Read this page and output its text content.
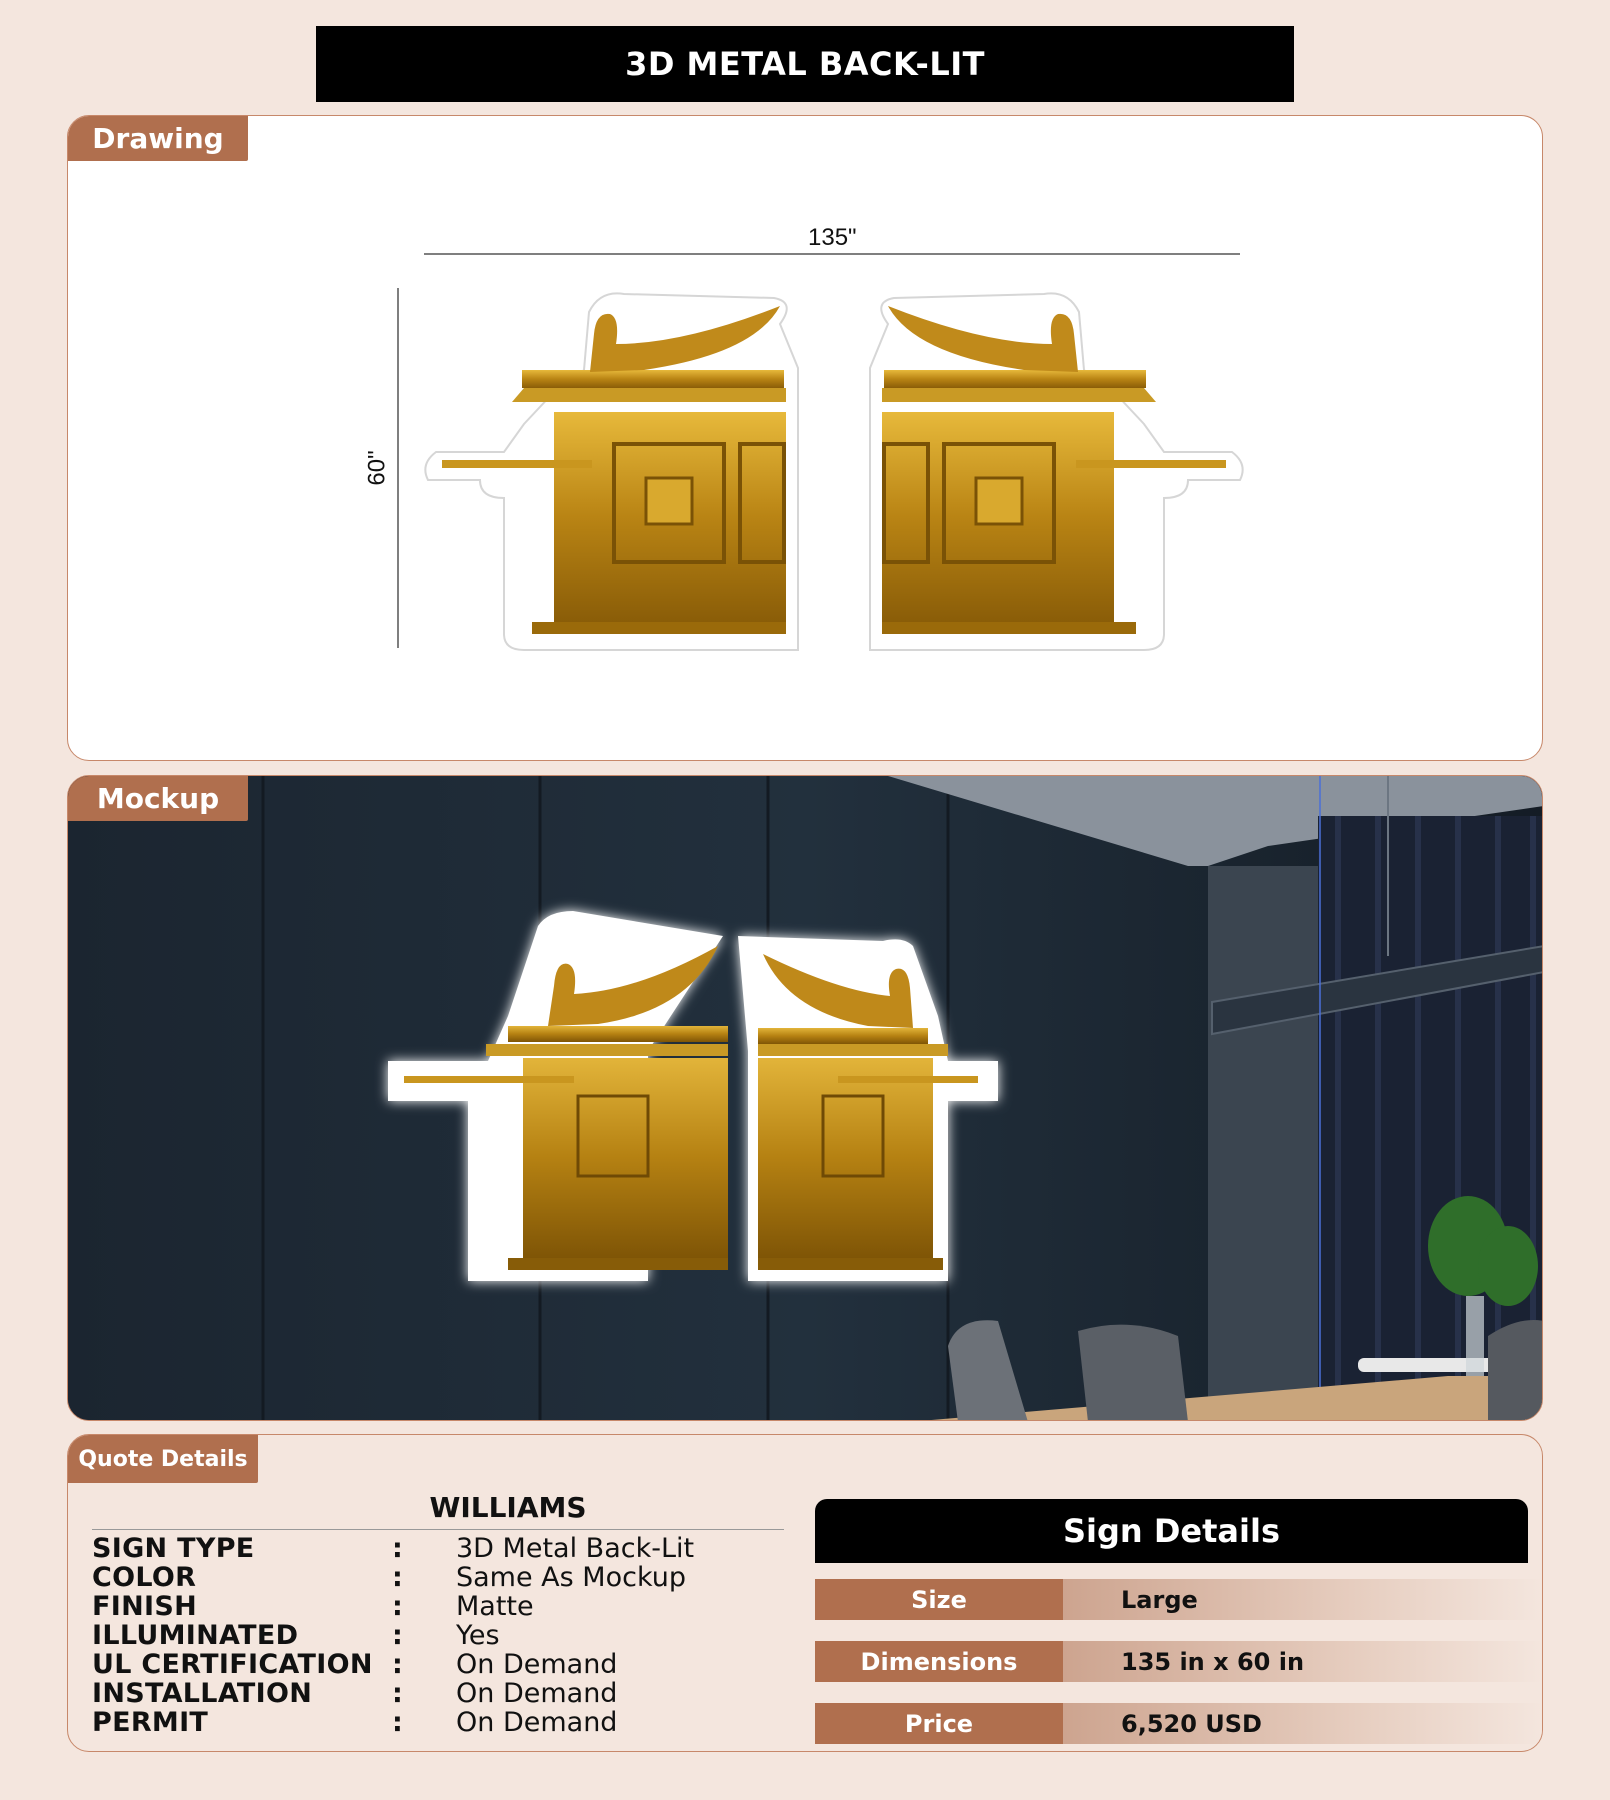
3D METAL BACK-LIT
Drawing
135"
60"
Mockup
Quote Details
WILLIAMS
SIGN TYPE	: 3D Metal Back-Lit
COLOR	: Same As Mockup
FINISH	: Matte
ILLUMINATED	: Yes
UL CERTIFICATION : On Demand
INSTALLATION	: On Demand
PERMIT	: On Demand
Sign Details
Size	Large
Dimensions	135 in x 60 in
Price	6,520 USD
